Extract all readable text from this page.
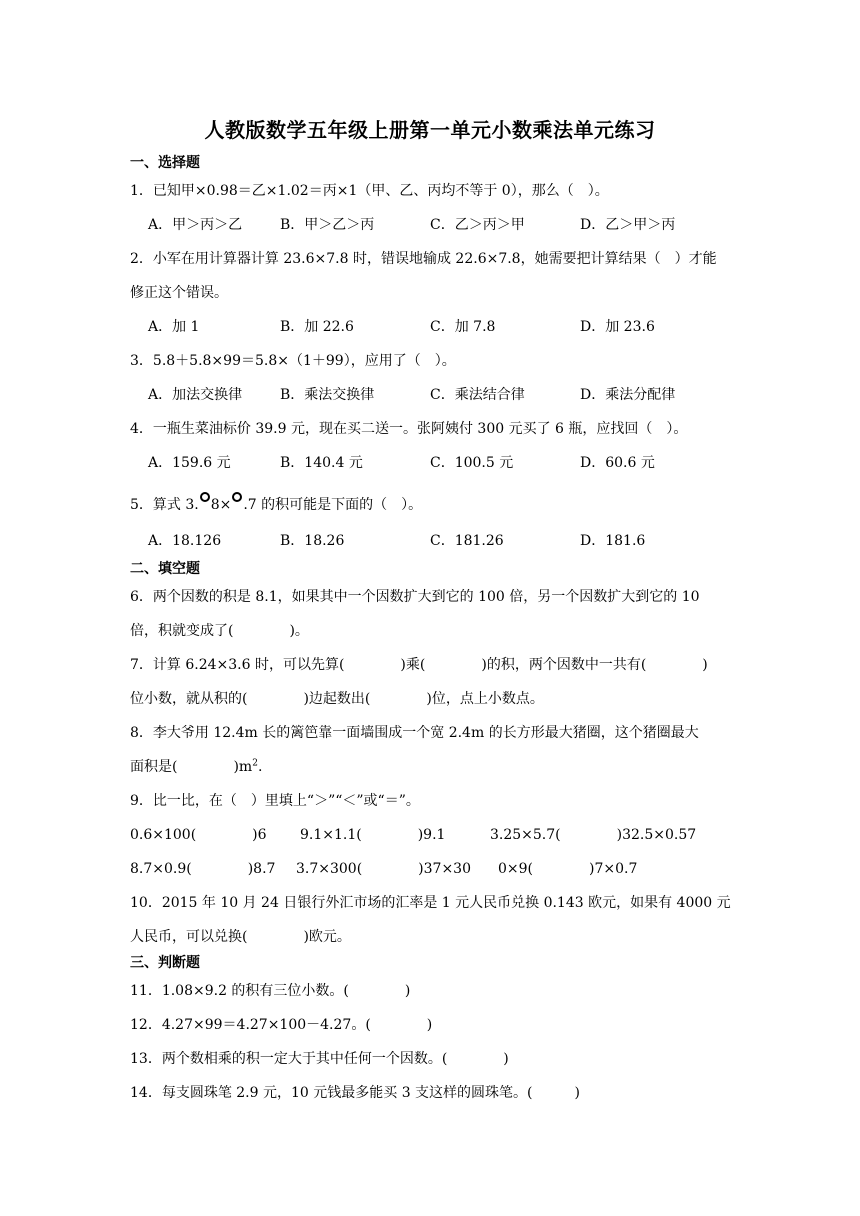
人教版数学五年级上册第一单元小数乘法单元练习
一、选择题
1．已知甲×0.98＝乙×1.02＝丙×1（甲、乙、丙均不等于 0），那么（　）。
A．甲＞丙＞乙	B．甲＞乙＞丙	C．乙＞丙＞甲	D．乙＞甲＞丙
2．小军在用计算器计算 23.6×7.8 时，错误地输成 22.6×7.8，她需要把计算结果（　）才能
修正这个错误。
A．加 1	B．加 22.6	C．加 7.8	D．加 23.6
3．5.8＋5.8×99＝5.8×（1＋99），应用了（　）。
A．加法交换律	B．乘法交换律	C．乘法结合律	D．乘法分配律
4．一瓶生菜油标价 39.9 元，现在买二送一。张阿姨付 300 元买了 6 瓶，应找回（　）。
A．159.6 元	B．140.4 元	C．100.5 元	D．60.6 元
5．算式 3. 8× .7 的积可能是下面的（　）。
A．18.126	B．18.26	C．181.26	D．181.6
二、填空题
6．两个因数的积是 8.1，如果其中一个因数扩大到它的 100 倍，另一个因数扩大到它的 10
倍，积就变成了(　　　　)。
7．计算 6.24×3.6 时，可以先算(　　　　)乘(　　　　)的积，两个因数中一共有(　　　　)
位小数，就从积的(　　　　)边起数出(　　　　)位，点上小数点。
8．李大爷用 12.4m 长的篱笆靠一面墙围成一个宽 2.4m 的长方形最大猪圈，这个猪圈最大
面积是(　　　　)$m^2$.
9．比一比，在（　）里填上“＞”“＜”或“＝”。
0.6×100(　　　　)6 9.1×1.1(　　　　)9.1	3.25×5.7(　　　　)32.5×0.57
8.7×0.9(　　　　)8.7 3.7×300(　　　　)37×30 0×9(　　　　)7×0.7
10．2015 年 10 月 24 日银行外汇市场的汇率是 1 元人民币兑换 0.143 欧元，如果有 4000 元
人民币，可以兑换(　　　　)欧元。
三、判断题
11．1.08×9.2 的积有三位小数。(　　　　)
12．4.27×99＝4.27×100－4.27。(　　　　)
13．两个数相乘的积一定大于其中任何一个因数。(　　　　)
14．每支圆珠笔 2.9 元，10 元钱最多能买 3 支这样的圆珠笔。(　　　)
